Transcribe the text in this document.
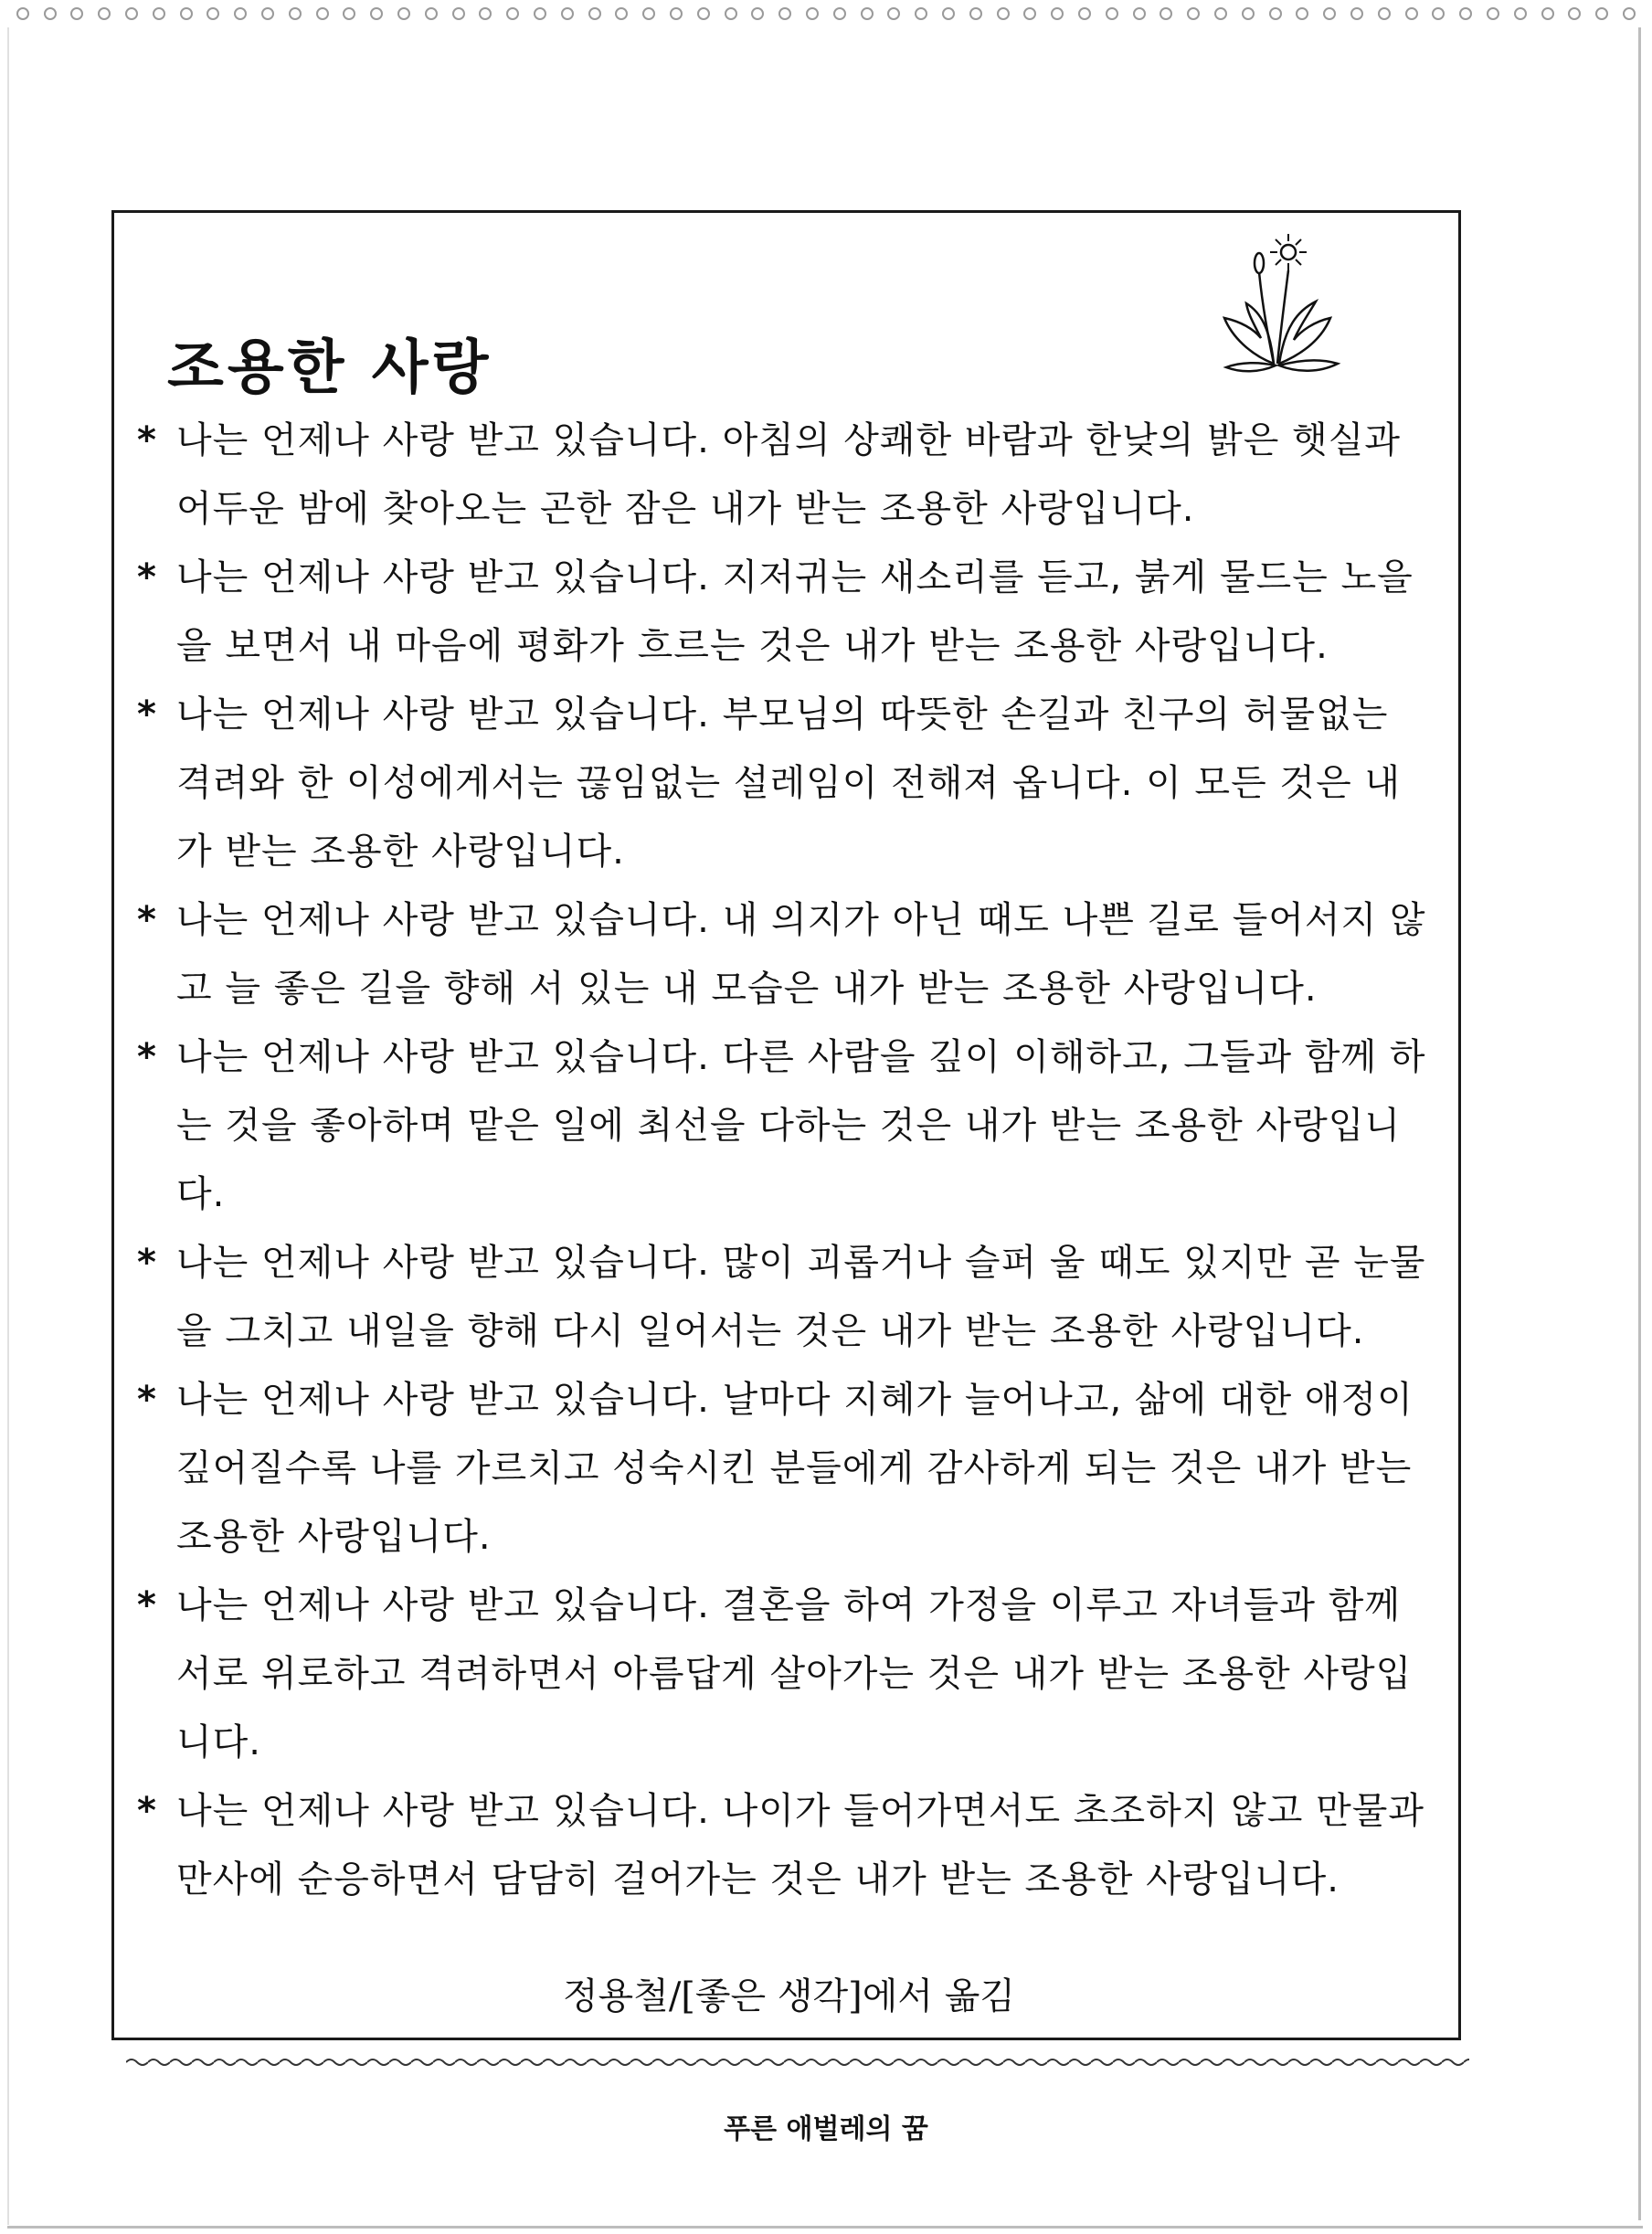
조용한 사랑
* 나는 언제나 사랑 받고 있습니다. 아침의 상쾌한 바람과 한낮의 밝은 햇실과 어두운 밤에 찾아오는 곤한 잠은 내가 받는 조용한 사랑입니다.
* 나는 언제나 사랑 받고 있습니다. 지저귀는 새소리를 듣고, 붉게 물드는 노을을 보면서 내 마음에 평화가 흐르는 것은 내가 받는 조용한 사랑입니다.
* 나는 언제나 사랑 받고 있습니다. 부모님의 따뜻한 손길과 친구의 허물없는 격려와 한 이성에게서는 끊임없는 설레임이 전해져 옵니다. 이 모든 것은 내가 받는 조용한 사랑입니다.
* 나는 언제나 사랑 받고 있습니다. 내 의지가 아닌 때도 나쁜 길로 들어서지 않고 늘 좋은 길을 향해 서 있는 내 모습은 내가 받는 조용한 사랑입니다.
* 나는 언제나 사랑 받고 있습니다. 다른 사람을 깊이 이해하고, 그들과 함께 하는 것을 좋아하며 맡은 일에 최선을 다하는 것은 내가 받는 조용한 사랑입니다.
* 나는 언제나 사랑 받고 있습니다. 많이 괴롭거나 슬퍼 울 때도 있지만 곧 눈물을 그치고 내일을 향해 다시 일어서는 것은 내가 받는 조용한 사랑입니다.
* 나는 언제나 사랑 받고 있습니다. 날마다 지혜가 늘어나고, 삶에 대한 애정이 깊어질수록 나를 가르치고 성숙시킨 분들에게 감사하게 되는 것은 내가 받는 조용한 사랑입니다.
* 나는 언제나 사랑 받고 있습니다. 결혼을 하여 가정을 이루고 자녀들과 함께 서로 위로하고 격려하면서 아름답게 살아가는 것은 내가 받는 조용한 사랑입니다.
* 나는 언제나 사랑 받고 있습니다. 나이가 들어가면서도 초조하지 않고 만물과 만사에 순응하면서 담담히 걸어가는 것은 내가 받는 조용한 사랑입니다.
정용철/[좋은 생각]에서 옮김
푸른 애벌레의 꿈
